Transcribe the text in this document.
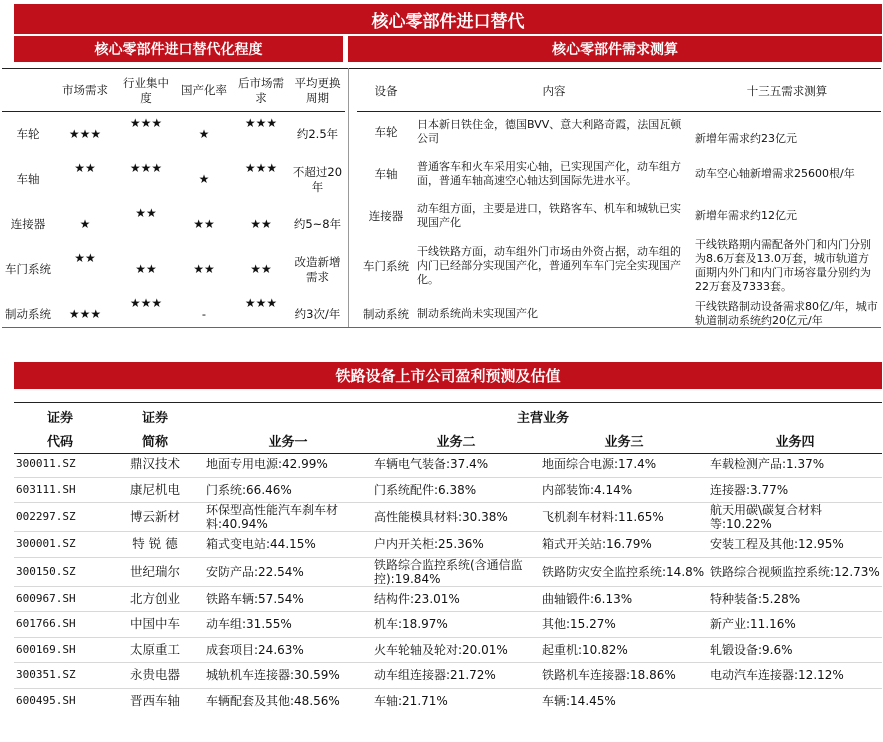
核心零部件进口替代
核心零部件进口替代化程度	核心零部件需求测算
	市场需求	行业集中度	国产化率	后市场需求	平均更换周期
车轮	★★★	★★★	★	★★★	约2.5年
车轴	★★	★★★	★	★★★	不超过20年
连接器	★	★★	★★	★★	约5~8年
车门系统	★★	★★	★★	★★	改造新增需求
制动系统	★★★	★★★	-	★★★	约3次/年
设备	内容	十三五需求测算
车轮	日本新日铁住金，德国BVV、意大利路奇霞，法国瓦顿公司	新增年需求约23亿元
车轴	普通客车和火车采用实心轴，已实现国产化，动车组方面，普通车轴高速空心轴达到国际先进水平。	动车空心轴新增需求25600根/年
连接器	动车组方面，主要是进口，铁路客车、机车和城轨已实现国产化	新增年需求约12亿元
车门系统	干线铁路方面，动车组外门市场由外资占据，动车组的内门已经部分实现国产化，普通列车车门完全实现国产化。	干线铁路期内需配备外门和内门分别为8.6万套及13.0万套，城市轨道方面期内外门和内门市场容量分别约为22万套及7333套。
制动系统	制动系统尚未实现国产化	干线铁路制动设备需求80亿/年，城市轨道制动系统约20亿元/年
铁路设备上市公司盈利预测及估值
证券	证券	主营业务			
代码	简称	业务一	业务二	业务三	业务四
300011.SZ	鼎汉技术	地面专用电源:42.99%	车辆电气装备:37.4%	地面综合电源:17.4%	车载检测产品:1.37%
603111.SH	康尼机电	门系统:66.46%	门系统配件:6.38%	内部装饰:4.14%	连接器:3.77%
002297.SZ	博云新材	环保型高性能汽车刹车材料:40.94%	高性能模具材料:30.38%	飞机刹车材料:11.65%	航天用碳\碳复合材料等:10.22%
300001.SZ	特 锐 德	箱式变电站:44.15%	户内开关柜:25.36%	箱式开关站:16.79%	安装工程及其他:12.95%
300150.SZ	世纪瑞尔	安防产品:22.54%	铁路综合监控系统(含通信监控):19.84%	铁路防灾安全监控系统:14.8%	铁路综合视频监控系统:12.73%
600967.SH	北方创业	铁路车辆:57.54%	结构件:23.01%	曲轴锻件:6.13%	特种装备:5.28%
601766.SH	中国中车	动车组:31.55%	机车:18.97%	其他:15.27%	新产业:11.16%
600169.SH	太原重工	成套项目:24.63%	火车轮轴及轮对:20.01%	起重机:10.82%	轧锻设备:9.6%
300351.SZ	永贵电器	城轨机车连接器:30.59%	动车组连接器:21.72%	铁路机车连接器:18.86%	电动汽车连接器:12.12%
600495.SH	晋西车轴	车辆配套及其他:48.56%	车轴:21.71%	车辆:14.45%	
